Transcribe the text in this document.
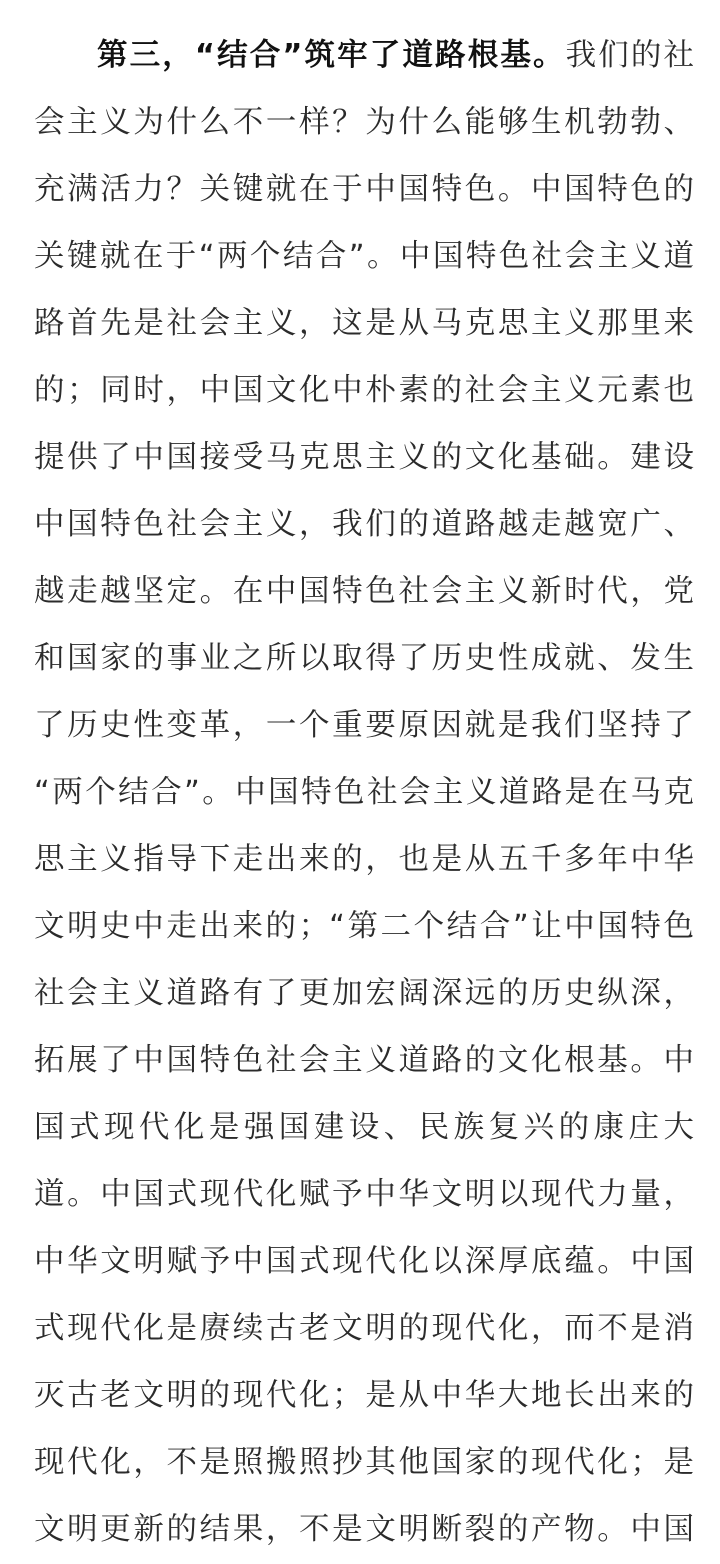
第三，“结合”筑牢了道路根基。我们的社
会主义为什么不一样？为什么能够生机勃勃、
充满活力？关键就在于中国特色。中国特色的
关键就在于“两个结合”。中国特色社会主义道
路首先是社会主义，这是从马克思主义那里来
的；同时，中国文化中朴素的社会主义元素也
提供了中国接受马克思主义的文化基础。建设
中国特色社会主义，我们的道路越走越宽广、
越走越坚定。在中国特色社会主义新时代，党
和国家的事业之所以取得了历史性成就、发生
了历史性变革，一个重要原因就是我们坚持了
“两个结合”。中国特色社会主义道路是在马克
思主义指导下走出来的，也是从五千多年中华
文明史中走出来的；“第二个结合”让中国特色
社会主义道路有了更加宏阔深远的历史纵深，
拓展了中国特色社会主义道路的文化根基。中
国式现代化是强国建设、民族复兴的康庄大
道。中国式现代化赋予中华文明以现代力量，
中华文明赋予中国式现代化以深厚底蕴。中国
式现代化是赓续古老文明的现代化，而不是消
灭古老文明的现代化；是从中华大地长出来的
现代化，不是照搬照抄其他国家的现代化；是
文明更新的结果，不是文明断裂的产物。中国
